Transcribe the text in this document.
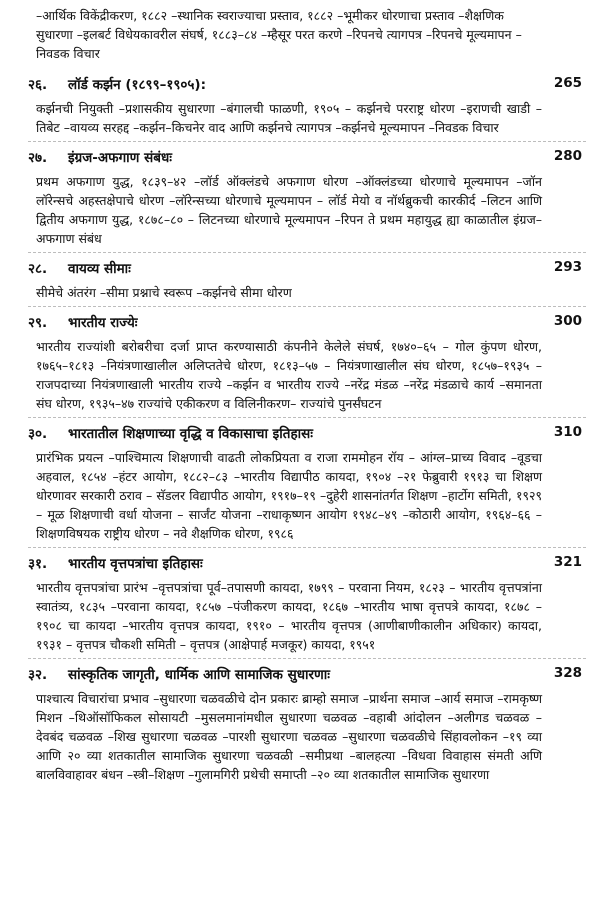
–आर्थिक विकेंद्रीकरण, १८८२ –स्थानिक स्वराज्याचा प्रस्ताव, १८८२ –भूमीकर धोरणाचा प्रस्ताव –शैक्षणिक सुधारणा –इलबर्ट विधेयकावरील संघर्ष, १८८३–८४ –म्हैसूर परत करणे –रिपनचे त्यागपत्र –रिपनचे मूल्यमापन –निवडक विचार

२६.	लॉर्ड कर्झन (१८९९–१९०५):	265

कर्झनची नियुक्ती –प्रशासकीय सुधारणा –बंगालची फाळणी, १९०५ – कर्झनचे परराष्ट्र धोरण –इराणची खाडी –तिबेट –वायव्य सरहद्द –कर्झन–किचनेर वाद आणि कर्झनचे त्यागपत्र –कर्झनचे मूल्यमापन –निवडक विचार

२७.	इंग्रज-अफगाण संबंधः	280

प्रथम अफगाण युद्ध, १८३९–४२ –लॉर्ड ऑक्लंडचे अफगाण धोरण –ऑक्लंडच्या धोरणाचे मूल्यमापन –जॉन लॉरेन्सचे अहस्तक्षेपाचे धोरण –लॉरेन्सच्या धोरणाचे मूल्यमापन – लॉर्ड मेयो व नॉर्थब्रुकची कारकीर्द –लिटन आणि द्वितीय अफगाण युद्ध, १८७८–८० – लिटनच्या धोरणाचे मूल्यमापन –रिपन ते प्रथम महायुद्ध ह्या काळातील इंग्रज–अफगाण संबंध

२८.	वायव्य सीमाः	293

सीमेचे अंतरंग –सीमा प्रश्नाचे स्वरूप –कर्झनचे सीमा धोरण

२९.	भारतीय राज्येः	300

भारतीय राज्यांशी बरोबरीचा दर्जा प्राप्त करण्यासाठी कंपनीने केलेले संघर्ष, १७४०–६५ – गोल कुंपण धोरण, १७६५–१८१३ –नियंत्रणाखालील अलिप्ततेचे धोरण, १८१३–५७ – नियंत्रणाखालील संघ धोरण, १८५७–१९३५ –राजपदाच्या नियंत्रणाखाली भारतीय राज्ये –कर्झन व भारतीय राज्ये –नरेंद्र मंडळ –नरेंद्र मंडळाचे कार्य –समानता संघ धोरण, १९३५–४७ राज्यांचे एकीकरण व विलिनीकरण– राज्यांचे पुनर्संघटन

३०.	भारतातील शिक्षणाच्या वृद्धि व विकासाचा इतिहासः	310

प्रारंभिक प्रयत्न –पाश्चिमात्य शिक्षणाची वाढती लोकप्रियता व राजा राममोहन रॉय – आंग्ल–प्राच्य विवाद –वूडचा अहवाल, १८५४ –हंटर आयोग, १८८२–८३ –भारतीय विद्यापीठ कायदा, १९०४ –२१ फेब्रुवारी १९१३ चा शिक्षण धोरणावर सरकारी ठराव – सॅडलर विद्यापीठ आयोग, १९१७–१९ –दुहेरी शासनांतर्गत शिक्षण –हार्टोग समिती, १९२९ – मूळ शिक्षणाची वर्धा योजना – सार्जंट योजना –राधाकृष्णन आयोग १९४८–४९ –कोठारी आयोग, १९६४–६६ –शिक्षणविषयक राष्ट्रीय धोरण – नवे शैक्षणिक धोरण, १९८६

३१.	भारतीय वृत्तपत्रांचा इतिहासः	321

भारतीय वृत्तपत्रांचा प्रारंभ –वृत्तपत्रांचा पूर्व–तपासणी कायदा, १७९९ – परवाना नियम, १८२३ – भारतीय वृत्तपत्रांना स्वातंत्र्य, १८३५ –परवाना कायदा, १८५७ –पंजीकरण कायदा, १८६७ –भारतीय भाषा वृत्तपत्रे कायदा, १८७८ –१९०८ चा कायदा –भारतीय वृत्तपत्र कायदा, १९१० – भारतीय वृत्तपत्र (आणीबाणीकालीन अधिकार) कायदा, १९३१ – वृत्तपत्र चौकशी समिती – वृत्तपत्र (आक्षेपार्ह मजकूर) कायदा, १९५१

३२.	सांस्कृतिक जागृती, धार्मिक आणि सामाजिक सुधारणाः	328

पाश्चात्य विचारांचा प्रभाव –सुधारणा चळवळीचे दोन प्रकारः ब्राम्हो समाज –प्रार्थना समाज –आर्य समाज –रामकृष्ण मिशन –थिऑसॉफिकल सोसायटी –मुसलमानांमधील सुधारणा चळवळ –वहाबी आंदोलन –अलीगड चळवळ –देवबंद चळवळ –शिख सुधारणा चळवळ –पारशी सुधारणा चळवळ –सुधारणा चळवळीचे सिंहावलोकन –१९ व्या आणि २० व्या शतकातील सामाजिक सुधारणा चळवळी –समीप्रथा –बालहत्या –विधवा विवाहास संमती अणि बालविवाहावर बंधन –स्त्री–शिक्षण –गुलामगिरी प्रथेची समाप्ती –२० व्या शतकातील सामाजिक सुधारणा
